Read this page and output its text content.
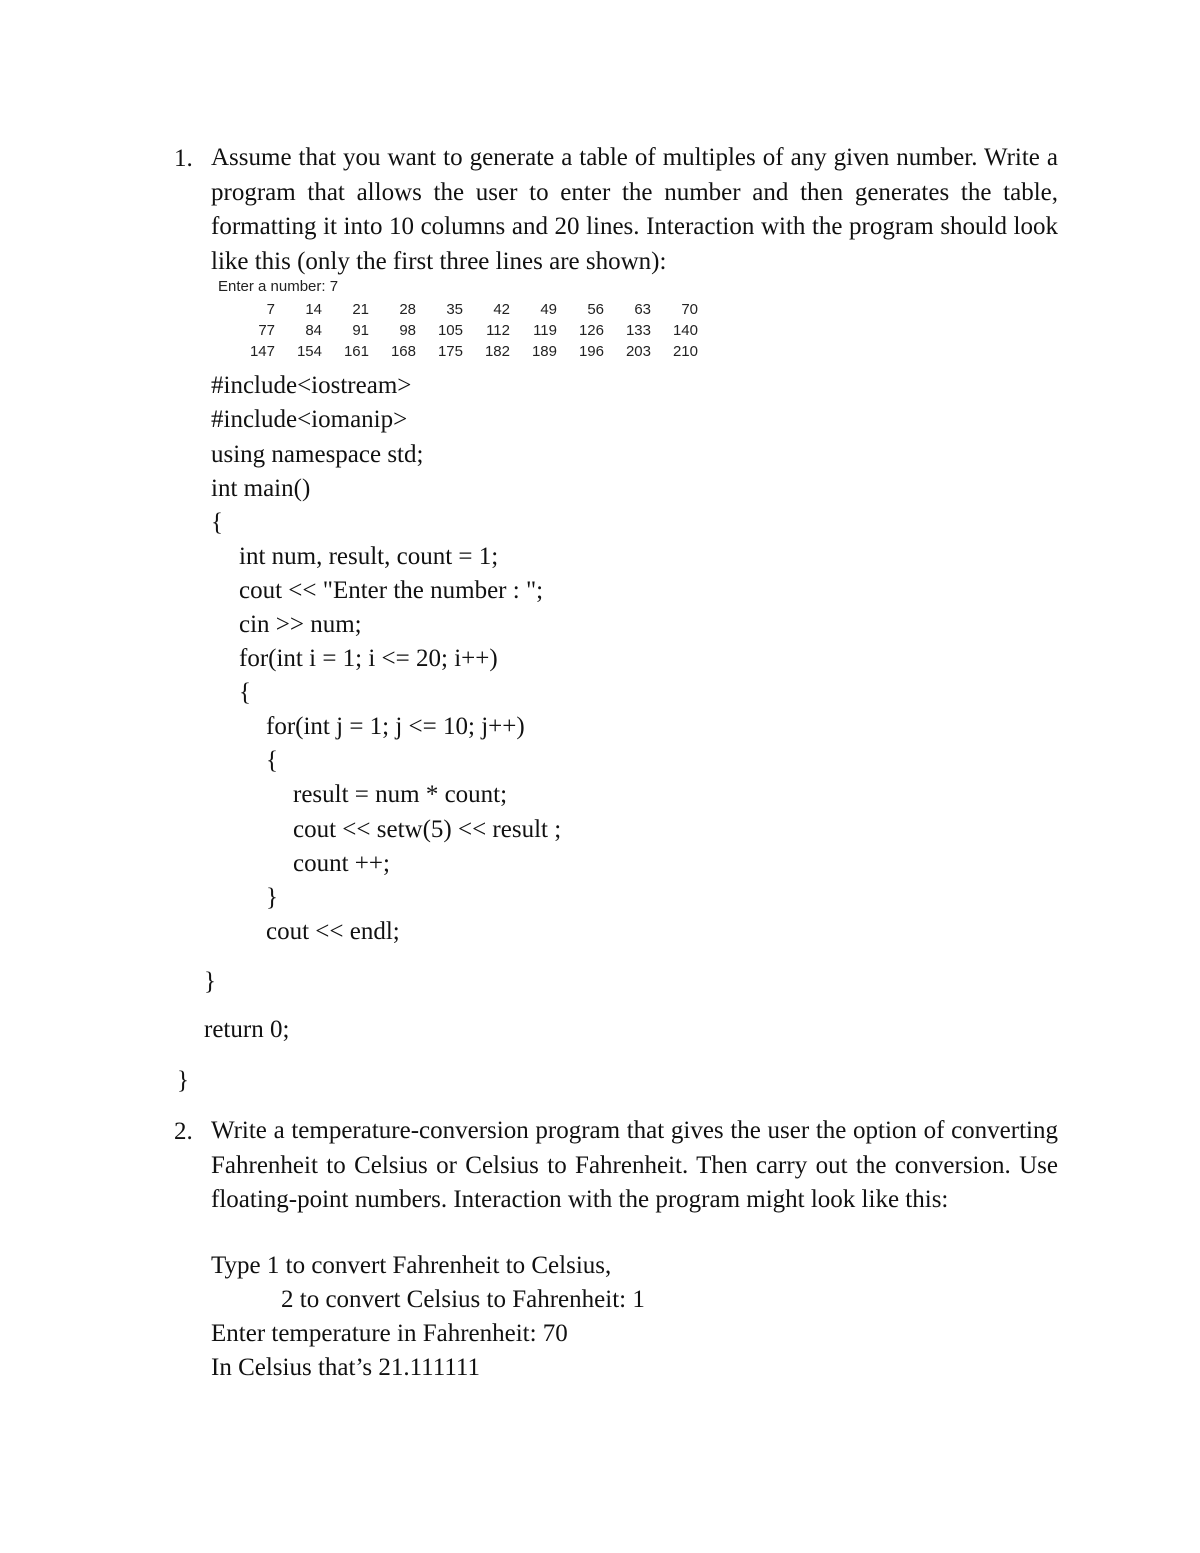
1. Assume that you want to generate a table of multiples of any given number. Write a program that allows the user to enter the number and then generates the table, formatting it into 10 columns and 20 lines. Interaction with the program should look like this (only the first three lines are shown):
Enter a number: 7
7	14	21	28	35	42	49	56	63	70
77	84	91	98	105	112	119	126	133	140
147	154	161	168	175	182	189	196	203	210
#include<iostream>
#include<iomanip>
using namespace std;
int main()
{
int num, result, count = 1;
cout << "Enter the number : ";
cin >> num;
for(int i = 1; i <= 20; i++)
{
for(int j = 1; j <= 10; j++)
{
result = num * count;
cout << setw(5) << result ;
count ++;
}
cout << endl;
}
return 0;
}
2. Write a temperature-conversion program that gives the user the option of converting Fahrenheit to Celsius or Celsius to Fahrenheit. Then carry out the conversion. Use floating-point numbers. Interaction with the program might look like this:
Type 1 to convert Fahrenheit to Celsius,
2 to convert Celsius to Fahrenheit: 1
Enter temperature in Fahrenheit: 70
In Celsius that’s 21.111111
